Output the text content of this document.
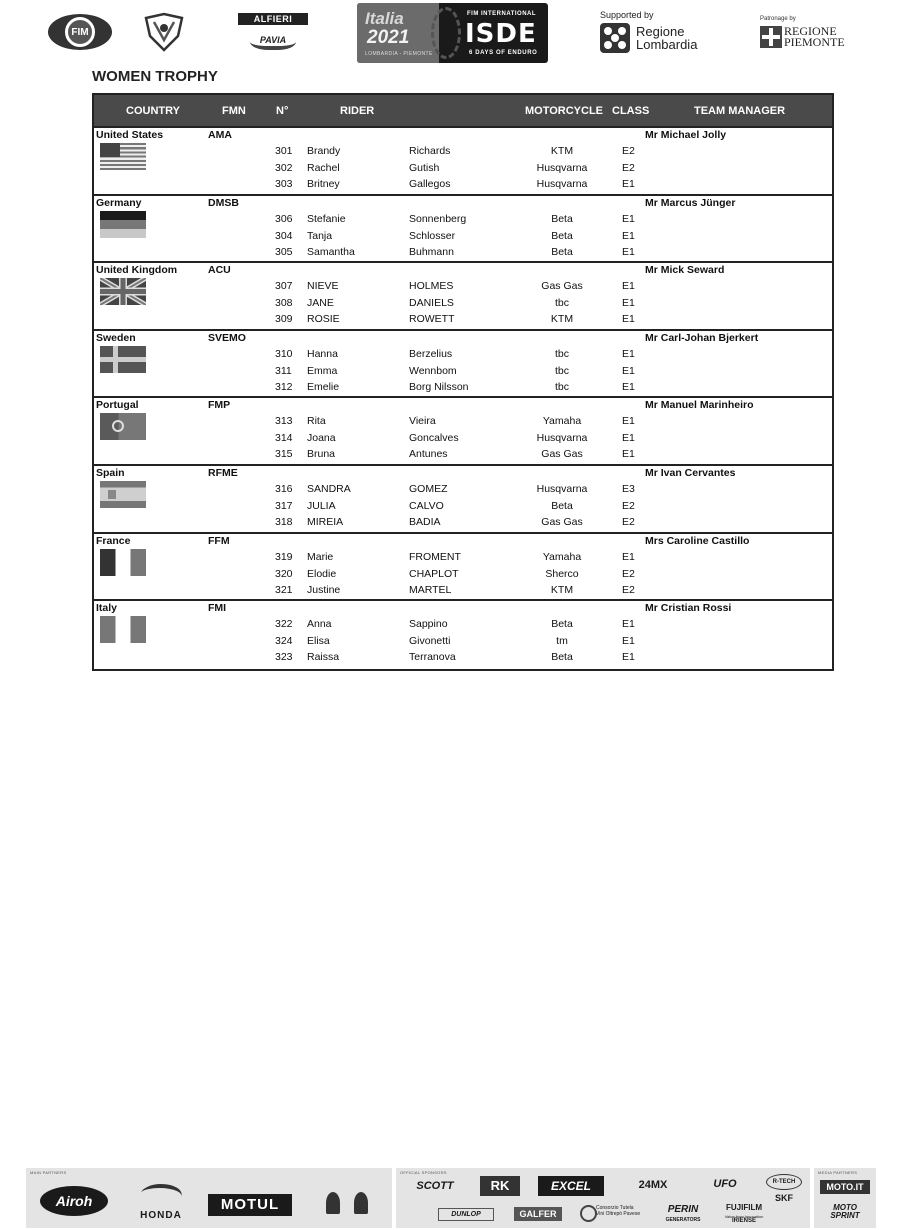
FIM
ALFIERI
PAVIA
Italia
2021
LOMBARDIA - PIEMONTE
FIM INTERNATIONAL
ISDE
6 DAYS OF ENDURO
Supported by
Regione Lombardia
Patronage by
REGIONE PIEMONTE
WOMEN TROPHY
COUNTRY	FMN	N°	RIDER	MOTORCYCLE CLASS	TEAM MANAGER
United States	AMA	Mr Michael Jolly
301 Brandy	Richards	KTM	E2
302 Rachel	Gutish	Husqvarna	E2
303 Britney	Gallegos	Husqvarna	E1
Germany	DMSB	Mr Marcus Jünger
306 Stefanie	Sonnenberg	Beta	E1
304 Tanja	Schlosser	Beta	E1
305 Samantha	Buhmann	Beta	E1
United Kingdom	ACU	Mr Mick Seward
307 NIEVE	HOLMES	Gas Gas	E1
308 JANE	DANIELS	tbc	E1
309 ROSIE	ROWETT	KTM	E1
Sweden	SVEMO	Mr Carl-Johan Bjerkert
310 Hanna	Berzelius	tbc	E1
311 Emma	Wennbom	tbc	E1
312 Emelie	Borg Nilsson	tbc	E1
Portugal	FMP	Mr Manuel Marinheiro
313 Rita	Vieira	Yamaha	E1
314 Joana	Goncalves	Husqvarna	E1
315 Bruna	Antunes	Gas Gas	E1
Spain	RFME	Mr Ivan Cervantes
316 SANDRA	GOMEZ	Husqvarna	E3
317 JULIA	CALVO	Beta	E2
318 MIREIA	BADIA	Gas Gas	E2
France	FFM	Mrs Caroline Castillo
319 Marie	FROMENT	Yamaha	E1
320 Elodie	CHAPLOT	Sherco	E2
321 Justine	MARTEL	KTM	E2
Italy	FMI	Mr Cristian Rossi
322 Anna	Sappino	Beta	E1
324 Elisa	Givonetti	tm	E1
323 Raissa	Terranova	Beta	E1
MAIN PARTNERS
Airoh
HONDA
MOTUL
OFFICIAL SPONSORS
SCOTT	RK	EXCEL	24MX	UFO	R-TECH
SKF
DUNLOP	GALFER
Consorzio Tutela Vini Oltrepò Pavese	PERIN
GENERATORS
FUJIFILM
Value from Innovation
IRIENSE
MEDIA PARTNERS
MOTO.IT
MOTO SPRINT
